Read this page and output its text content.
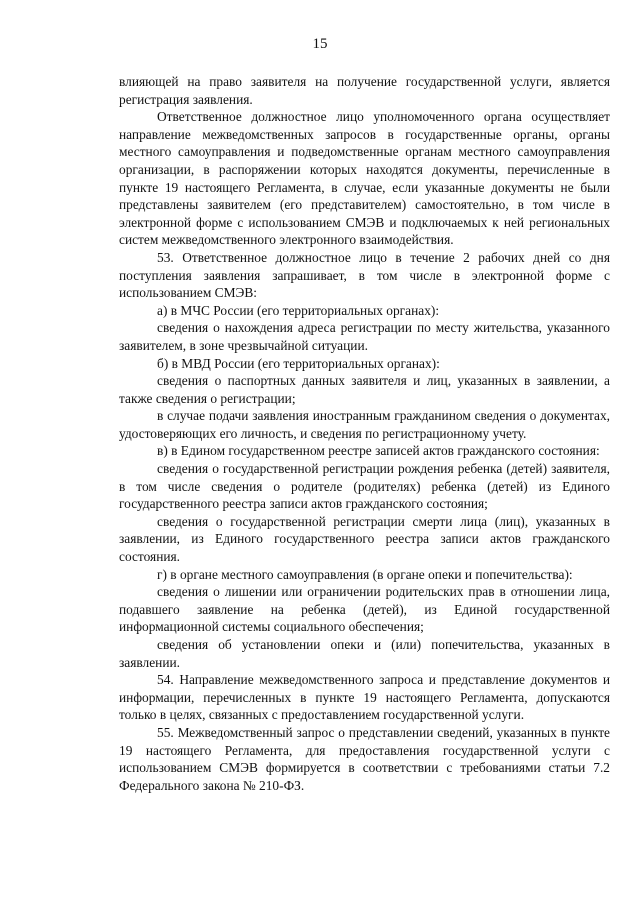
15

влияющей на право заявителя на получение государственной услуги, является регистрация заявления.

Ответственное должностное лицо уполномоченного органа осуществляет направление межведомственных запросов в государственные органы, органы местного самоуправления и подведомственные органам местного самоуправления организации, в распоряжении которых находятся документы, перечисленные в пункте 19 настоящего Регламента, в случае, если указанные документы не были представлены заявителем (его представителем) самостоятельно, в том числе в электронной форме с использованием СМЭВ и подключаемых к ней региональных систем межведомственного электронного взаимодействия.

53. Ответственное должностное лицо в течение 2 рабочих дней со дня поступления заявления запрашивает, в том числе в электронной форме с использованием СМЭВ:

а) в МЧС России (его территориальных органах):

сведения о нахождения адреса регистрации по месту жительства, указанного заявителем, в зоне чрезвычайной ситуации.

б) в МВД России (его территориальных органах):

сведения о паспортных данных заявителя и лиц, указанных в заявлении, а также сведения о регистрации;

в случае подачи заявления иностранным гражданином сведения о документах, удостоверяющих его личность, и сведения по регистрационному учету.

в) в Едином государственном реестре записей актов гражданского состояния:

сведения о государственной регистрации рождения ребенка (детей) заявителя, в том числе сведения о родителе (родителях) ребенка (детей) из Единого государственного реестра записи актов гражданского состояния;

сведения о государственной регистрации смерти лица (лиц), указанных в заявлении, из Единого государственного реестра записи актов гражданского состояния.

г) в органе местного самоуправления (в органе опеки и попечительства):

сведения о лишении или ограничении родительских прав в отношении лица, подавшего заявление на ребенка (детей), из Единой государственной информационной системы социального обеспечения;

сведения об установлении опеки и (или) попечительства, указанных в заявлении.

54. Направление межведомственного запроса и представление документов и информации, перечисленных в пункте 19 настоящего Регламента, допускаются только в целях, связанных с предоставлением государственной услуги.

55. Межведомственный запрос о представлении сведений, указанных в пункте 19 настоящего Регламента, для предоставления государственной услуги с использованием СМЭВ формируется в соответствии с требованиями статьи 7.2 Федерального закона № 210-ФЗ.
